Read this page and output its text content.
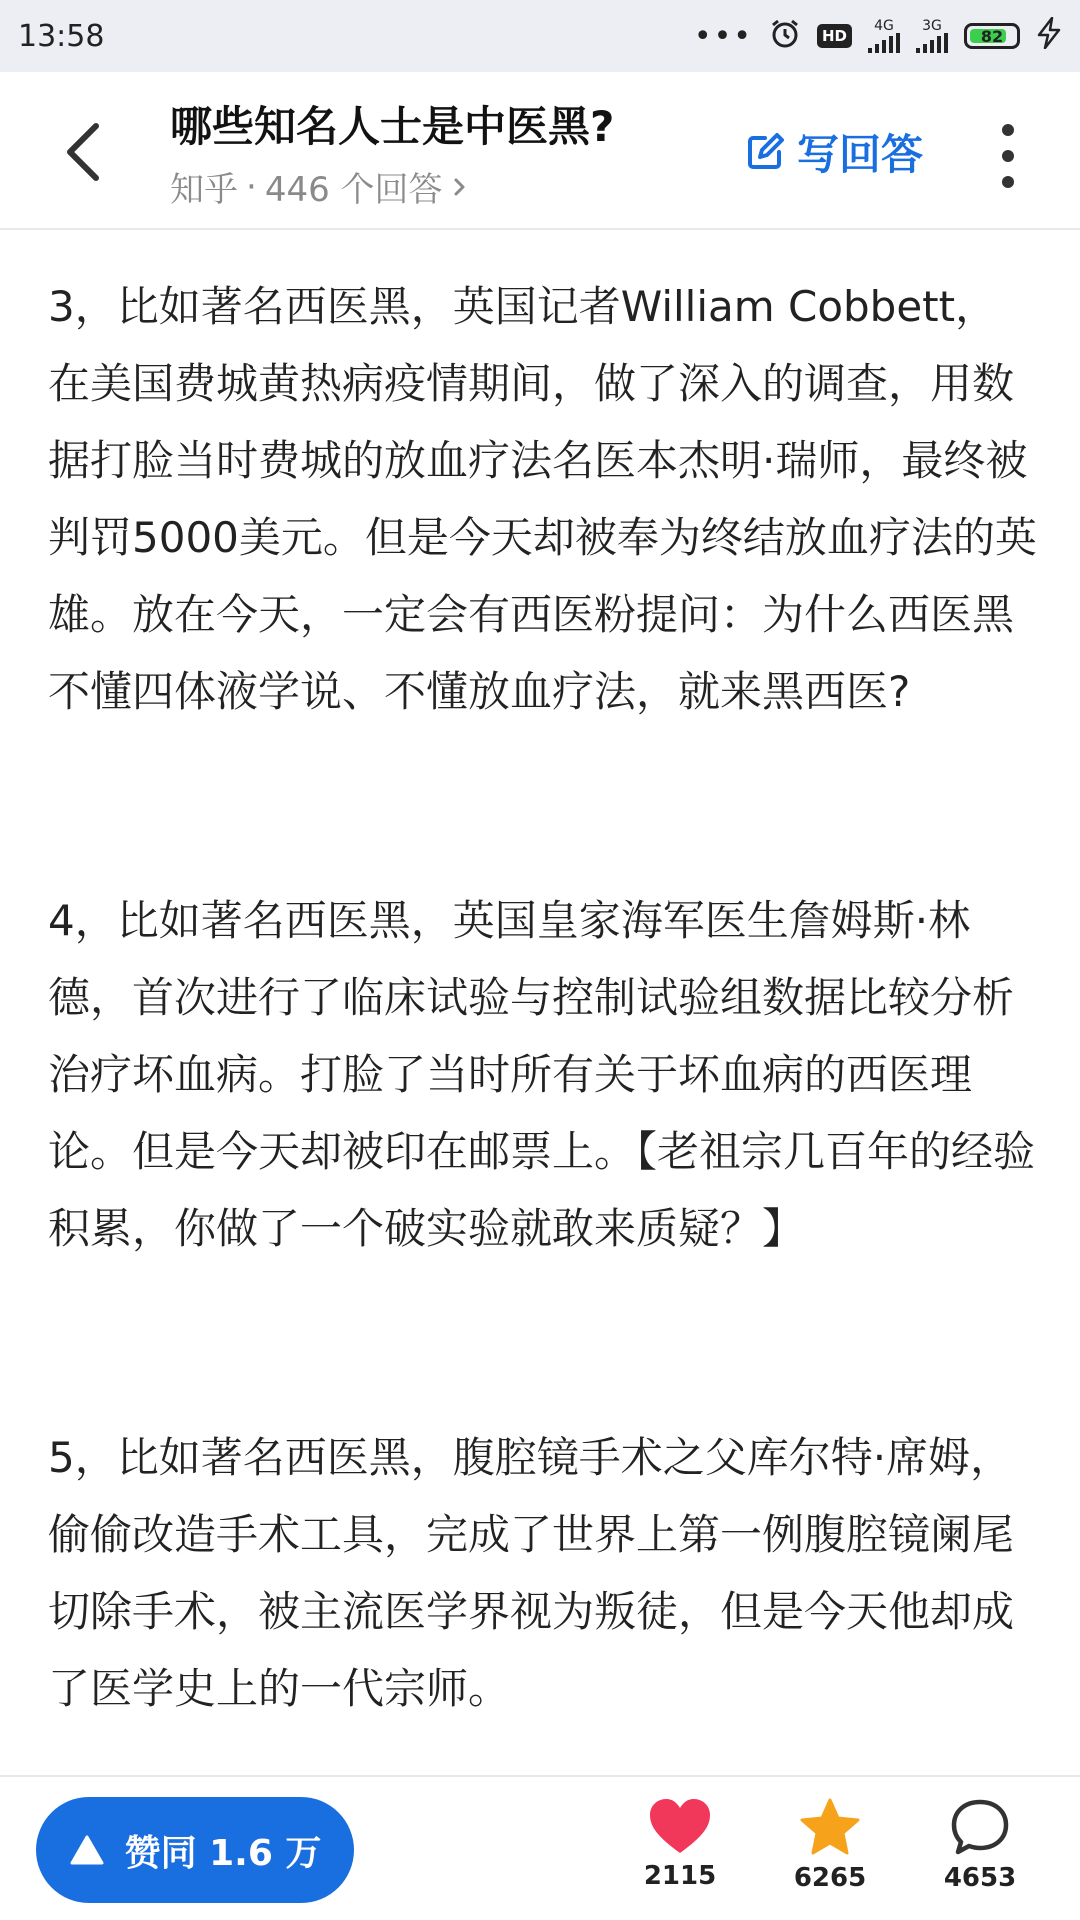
13:58	•••	HD
4G 3G
82
哪些知名人士是中医黑?
知乎 · 446 个回答
写回答

3，比如著名西医黑，英国记者William Cobbett，在美国费城黄热病疫情期间，做了深入的调查，用数据打脸当时费城的放血疗法名医本杰明·瑞师，最终被判罚5000美元。但是今天却被奉为终结放血疗法的英雄。放在今天，一定会有西医粉提问：为什么西医黑不懂四体液学说、不懂放血疗法，就来黑西医?

4，比如著名西医黑，英国皇家海军医生詹姆斯·林德，首次进行了临床试验与控制试验组数据比较分析治疗坏血病。打脸了当时所有关于坏血病的西医理论。但是今天却被印在邮票上。【老祖宗几百年的经验积累，你做了一个破实验就敢来质疑？】

5，比如著名西医黑，腹腔镜手术之父库尔特·席姆，偷偷改造手术工具，完成了世界上第一例腹腔镜阑尾切除手术，被主流医学界视为叛徒，但是今天他却成了医学史上的一代宗师。

赞同 1.6 万
2115	6265	4653
